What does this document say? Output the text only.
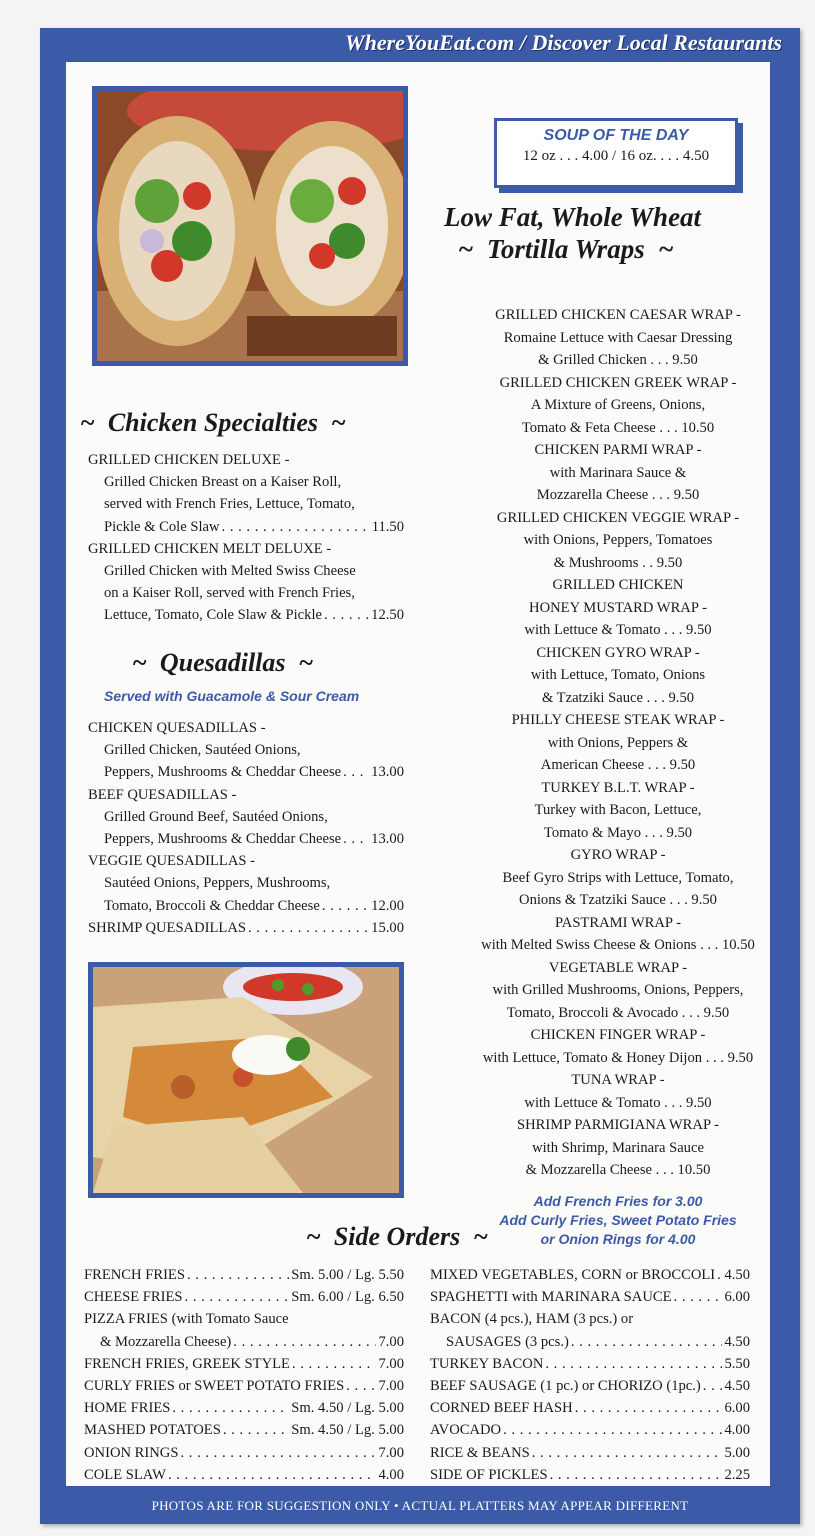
WhereYouEat.com / Discover Local Restaurants
SOUP OF THE DAY
12 oz . . . 4.00 / 16 oz. . . . 4.50
Low Fat, Whole Wheat
~  Tortilla Wraps  ~
GRILLED CHICKEN CAESAR WRAP -
Romaine Lettuce with Caesar Dressing
& Grilled Chicken . . . 9.50
GRILLED CHICKEN GREEK WRAP -
A Mixture of Greens, Onions,
Tomato & Feta Cheese . . . 10.50
CHICKEN PARMI WRAP -
with Marinara Sauce &
Mozzarella Cheese . . . 9.50
GRILLED CHICKEN VEGGIE WRAP -
with Onions, Peppers, Tomatoes
& Mushrooms . . 9.50
GRILLED CHICKEN
HONEY MUSTARD WRAP -
with Lettuce & Tomato . . . 9.50
CHICKEN GYRO WRAP -
with Lettuce, Tomato, Onions
& Tzatziki Sauce . . . 9.50
PHILLY CHEESE STEAK WRAP -
with Onions, Peppers &
American Cheese . . . 9.50
TURKEY B.L.T. WRAP -
Turkey with Bacon, Lettuce,
Tomato & Mayo . . . 9.50
GYRO WRAP -
Beef Gyro Strips with Lettuce, Tomato,
Onions & Tzatziki Sauce . . . 9.50
PASTRAMI WRAP -
with Melted Swiss Cheese & Onions . . . 10.50
VEGETABLE WRAP -
with Grilled Mushrooms, Onions, Peppers,
Tomato, Broccoli & Avocado . . . 9.50
CHICKEN FINGER WRAP -
with Lettuce, Tomato & Honey Dijon . . . 9.50
TUNA WRAP -
with Lettuce & Tomato . . . 9.50
SHRIMP PARMIGIANA WRAP -
with Shrimp, Marinara Sauce
& Mozzarella Cheese . . . 10.50
Add French Fries for 3.00
Add Curly Fries, Sweet Potato Fries
or Onion Rings for 4.00
~  Chicken Specialties  ~
GRILLED CHICKEN DELUXE -
Grilled Chicken Breast on a Kaiser Roll,
served with French Fries, Lettuce, Tomato,
Pickle & Cole Slaw . . .	11.50
GRILLED CHICKEN MELT DELUXE -
Grilled Chicken with Melted Swiss Cheese
on a Kaiser Roll, served with French Fries,
Lettuce, Tomato, Cole Slaw & Pickle . . .	12.50
~  Quesadillas  ~
Served with Guacamole & Sour Cream
CHICKEN QUESADILLAS -
Grilled Chicken, Sautéed Onions,
Peppers, Mushrooms & Cheddar Cheese . . . 13.00
BEEF QUESADILLAS -
Grilled Ground Beef, Sautéed Onions,
Peppers, Mushrooms & Cheddar Cheese . . . 13.00
VEGGIE QUESADILLAS -
Sautéed Onions, Peppers, Mushrooms,
Tomato, Broccoli & Cheddar Cheese . . .	12.00
SHRIMP QUESADILLAS . . .	15.00
~  Side Orders  ~
FRENCH FRIES . . .	Sm. 5.00 / Lg. 5.50
CHEESE FRIES . . .	Sm. 6.00 / Lg. 6.50
PIZZA FRIES (with Tomato Sauce
& Mozzarella Cheese) . . .	7.00
FRENCH FRIES, GREEK STYLE . . .	7.00
CURLY FRIES or SWEET POTATO FRIES . . . 7.00
HOME FRIES . . .	Sm. 4.50 / Lg. 5.00
MASHED POTATOES . . .	Sm. 4.50 / Lg. 5.00
ONION RINGS . . .	7.00
COLE SLAW . . .	4.00
MIXED VEGETABLES, CORN or BROCCOLI . . . 4.50
SPAGHETTI with MARINARA SAUCE . . .	6.00
BACON (4 pcs.), HAM (3 pcs.) or
SAUSAGES (3 pcs.) . . .	4.50
TURKEY BACON . . .	5.50
BEEF SAUSAGE (1 pc.) or CHORIZO (1pc.) . . . 4.50
CORNED BEEF HASH . . .	6.00
AVOCADO . . .	4.00
RICE & BEANS . . .	5.00
SIDE OF PICKLES . . .	2.25
PHOTOS ARE FOR SUGGESTION ONLY • ACTUAL PLATTERS MAY APPEAR DIFFERENT
